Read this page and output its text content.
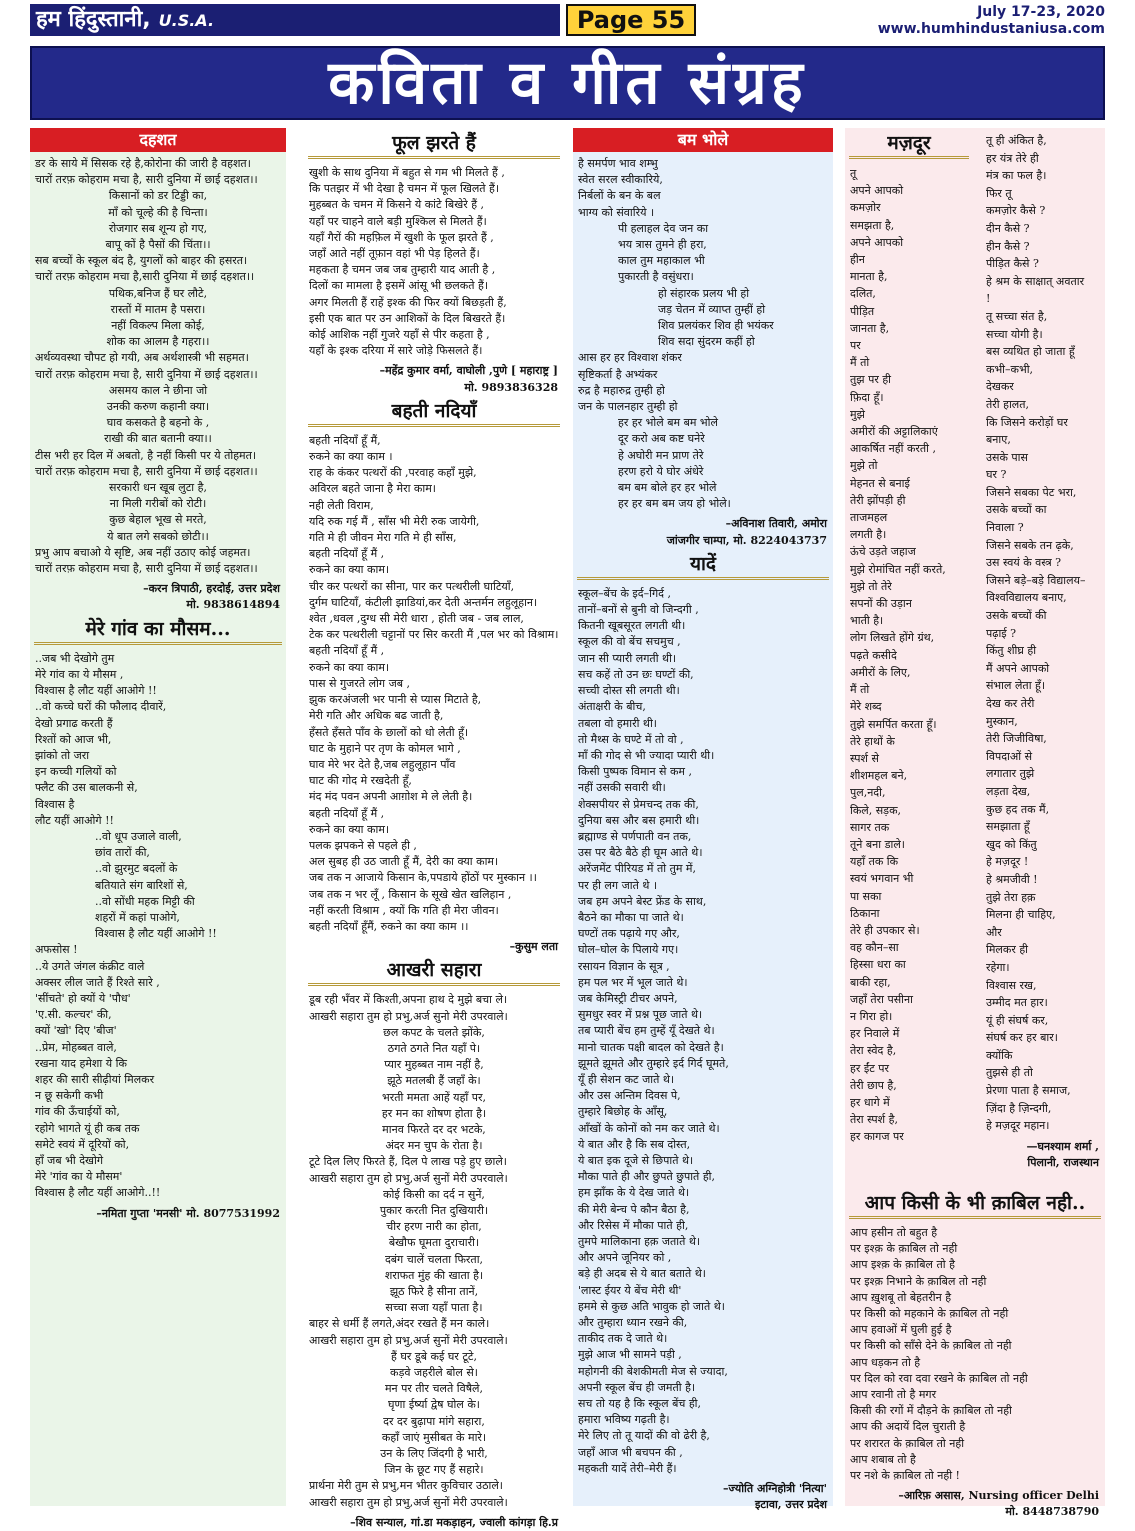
हम हिंदुस्तानी, U.S.A.	Page 55	July 17-23, 2020
www.humhindustaniusa.com
कविता व गीत संग्रह
दहशत
डर के साये में सिसक रहे है,कोरोना की जारी है वहशत।
चारों तरफ़ कोहराम मचा है, सारी दुनिया में छाई दहशत।।
किसानों को डर टिड्डी का,
माँ को चूल्हे की है चिन्ता।
रोजगार सब शून्य हो गए,
बापू कों है पैसों की चिंता।।
सब बच्चों के स्कूल बंद है, युगलों को बाहर की हसरत।
चारों तरफ़ कोहराम मचा है,सारी दुनिया में छाई दहशत।।
पथिक,बनिज हैं घर लौटे,
रास्तों में मातम है पसरा।
नहीं विकल्प मिला कोई,
शोक का आलम है गहरा।।
अर्थव्यवस्था चौपट हो गयी, अब अर्थशास्त्री भी सहमत।
चारों तरफ़ कोहराम मचा है, सारी दुनिया में छाई दहशत।।
असमय काल ने छीना जो
उनकी करुण कहानी क्या।
घाव कसकते है बहनो के ,
राखी की बात बतानी क्या।।
टीस भरी हर दिल में अबतो, है नहीं किसी पर ये तोहमत।
चारों तरफ़ कोहराम मचा है, सारी दुनिया में छाई दहशत।।
सरकारी धन खूब लुटा है,
ना मिली गरीबों को रोटी।
कुछ बेहाल भूख से मरते,
ये बात लगे सबको छोटी।।
प्रभु आप बचाओ ये सृष्टि, अब नहीं उठाए कोई जहमत।
चारों तरफ़ कोहराम मचा है, सारी दुनिया में छाई दहशत।।
–करन त्रिपाठी, हरदोई, उत्तर प्रदेश
मो. 9838614894
मेरे गांव का मौसम...
..जब भी देखोगे तुम
मेरे गांव का ये मौसम ,
विश्वास है लौट यहीं आओगे !!
..वो कच्चे घरों की फौलाद दीवारें,
देखो प्रगाढ करती हैं
रिश्तों को आज भी,
झांको तो जरा
इन कच्ची गलियों को
फ्लैट की उस बालकनी से,
विश्वास है
लौट यहीं आओगे !!
..वो धूप उजाले वाली,
छांव तारों की,
..वो झुरमुट बदलों के
बतियाते संग बारिशों से,
..वो सोंधी महक मिट्टी की
शहरों में कहां पाओगे,
विश्वास है लौट यहीं आओगे !!
अफसोस !
..ये उगते जंगल कंक्रीट वाले
अक्सर लील जाते हैं रिश्ते सारे ,
'सींचते' हो क्यों ये 'पौध'
'ए.सी. कल्चर' की,
क्यों 'खो' दिए 'बीज'
..प्रेम, मोहब्बत वाले,
रखना याद हमेशा ये कि
शहर की सारी सीढ़ीयां मिलकर
न छू सकेगी कभी
गांव की ऊँचाईयों को,
रहोगे भागते यूं ही कब तक
समेटे स्वयं में दूरियों को,
हाँ जब भी देखोगे
मेरे 'गांव का ये मौसम'
विश्वास है लौट यहीं आओगे..!!
–नमिता गुप्ता 'मनसी' मो. 8077531992
फूल झरते हैं
खुशी के साथ दुनिया में बहुत से गम भी मिलते हैं ,
कि पतझर में भी देखा है चमन में फूल खिलते हैं।
मुहब्बत के चमन में किसने ये कांटे बिखेरे हैं ,
यहाँ पर चाहने वाले बड़ी मुश्किल से मिलते हैं।
यहाँ गैरों की महफ़िल में खुशी के फूल झरते हैं ,
जहाँ आते नहीं तूफ़ान वहां भी पेड़ हिलते हैं।
महकता है चमन जब जब तुम्हारी याद आती है ,
दिलों का मामला है इसमें आंसू भी छलकते हैं।
अगर मिलती हैं राहें इश्क की फिर क्यों बिछड़ती हैं,
इसी एक बात पर उन आशिकों के दिल बिखरते हैं।
कोई आशिक नहीं गुजरे यहाँ से पीर कहता है ,
यहाँ के इश्क दरिया में सारे जोड़े फिसलते हैं।
–महेंद्र कुमार वर्मा, वाघोली ,पुणे [ महाराष्ट्र ]
मो. 9893836328
बहती नदियाँ
बहती नदियाँ हूँ मैं,
रुकने का क्या काम ।
राह के कंकर पत्थरों की ,परवाह कहाँ मुझे,
अविरल बहते जाना है मेरा काम।
नही लेती विराम,
यदि रुक गई मैं , साँस भी मेरी रुक जायेगी,
गति मे ही जीवन मेरा गति मे ही साँस,
बहती नदियाँ हूँ मैं ,
रुकने का क्या काम।
चीर कर पत्थरों का सीना, पार कर पत्थरीली घाटियाँ,
दुर्गम घाटियाँ, कंटीली झाडियां,कर देती अन्तर्मन लहुलूहान।
श्वेत ,धवल ,दुग्ध सी मेरी धारा , होती जब - जब लाल,
टेक कर पत्थरीली चट्टानों पर सिर करती मैं ,पल भर को विश्राम।
बहती नदियाँ हूँ मैं ,
रुकने का क्या काम।
पास से गुजरते लोग जब ,
झुक करअंजली भर पानी से प्यास मिटाते है,
मेरी गति और अधिक बढ जाती है,
हँसते हँसते पाँव के छालों को धो लेती हूँ।
घाट के मुहाने पर तृण के कोमल भागे ,
घाव मेरे भर देते है,जब लहुलूहान पाँव
घाट की गोद मे रखदेती हूँ,
मंद मंद पवन अपनी आग़ोश मे ले लेती है।
बहती नदियाँ हूँ मैं ,
रुकने का क्या काम।
पलक झपकने से पहले ही ,
अल सुबह ही उठ जाती हूँ मैं, देरी का क्या काम।
जब तक न आजाये किसान के,पपडाये होंठों पर मुस्कान ।।
जब तक न भर लूँ , किसान के सूखे खेत खलिहान ,
नहीं करती विश्राम , क्यों कि गति ही मेरा जीवन।
बहती नदियाँ हूँमैं, रुकने का क्या काम ।।
–कुसुम लता
आखरी सहारा
डूब रही भँवर में किश्ती,अपना हाथ दे मुझे बचा ले।
आखरी सहारा तुम हो प्रभु,अर्ज सुनो मेरी उपरवाले।
छल कपट के चलते झोंके,
ठगते ठगते नित यहाँ पे।
प्यार मुहब्बत नाम नहीं है,
झूठे मतलबी हैं जहाँ के।
भरती ममता आहें यहाँ पर,
हर मन का शोषण होता है।
मानव फिरते दर दर भटके,
अंदर मन चुप के रोता है।
टूटे दिल लिए फिरते हैं, दिल पे लाख पड़े हुए छाले।
आखरी सहारा तुम हो प्रभु,अर्ज सुनों मेरी उपरवाले।
कोई किसी का दर्द न सुनें,
पुकार करती नित दुखियारी।
चीर हरण नारी का होता,
बेखौफ घूमता दुराचारी।
दबंग चालें चलता फिरता,
शराफत मुंह की खाता है।
झूठ फिरे है सीना तानें,
सच्चा सजा यहाँ पाता है।
बाहर से धर्मी हैं लगते,अंदर रखते हैं मन काले।
आखरी सहारा तुम हो प्रभु,अर्ज सुनों मेरी उपरवाले।
हैं घर डूबे कई घर टूटे,
कड़वे जहरीले बोल से।
मन पर तीर चलते विषैले,
घृणा ईर्ष्या द्वेष घोल के।
दर दर बुढ़ापा मांगे सहारा,
कहाँ जाएं मुसीबत के मारे।
उन के लिए जिंदगी है भारी,
जिन के छूट गए हैं सहारे।
प्रार्थना मेरी तुम से प्रभु,मन भीतर कुविचार उठाले।
आखरी सहारा तुम हो प्रभु,अर्ज सुनों मेरी उपरवाले।
–शिव सन्याल, गां.डा मकड़ाहन, ज्वाली कांगड़ा हि.प्र
बम भोले
है समर्पण भाव शम्भु
स्वेत सरल स्वीकारिये,
निर्बलों के बन के बल
भाग्य को संवारिये ।
पी हलाहल देव जन का
भय त्रास तुमने ही हरा,
काल तुम महाकाल भी
पुकारती है वसुंधरा।
हो संहारक प्रलय भी हो
जड़ चेतन में व्याप्त तुम्हीं हो
शिव प्रलयंकर शिव ही भयंकर
शिव सदा सुंदरम कहीं हो
आस हर हर विश्वाश शंकर
सृष्टिकर्ता है अभ्यंकर
रुद्र है महारुद्र तुम्ही हो
जन के पालनहार तुम्ही हो
हर हर भोले बम बम भोले
दूर करो अब कष्ट घनेरे
हे अघोरी मन प्राण तेरे
हरण हरो ये घोर अंधेरे
बम बम बोले हर हर भोले
हर हर बम बम जय हो भोले।
–अविनाश तिवारी, अमोरा
जांजगीर चाम्पा, मो. 8224043737
यादें
स्कूल–बेंच के इर्द–गिर्द ,
तानों–बनों से बुनी वो जिन्दगी ,
कितनी खूबसूरत लगती थी।
स्कूल की वो बेंच सचमुच ,
जान सी प्यारी लगती थी।
सच कहें तो उन छः घण्टों की,
सच्ची दोस्त सी लगती थी।
अंताक्षरी के बीच,
तबला वो हमारी थी।
तो मैथ्स के घण्टे में तो वो ,
माँ की गोद से भी ज्यादा प्यारी थी।
किसी पुष्पक विमान से कम ,
नहीं उसकी सवारी थी।
शेक्सपीयर से प्रेमचन्द तक की,
दुनिया बस और बस हमारी थी।
ब्रह्माण्ड से पर्णपाती वन तक,
उस पर बैठे बैठे ही घूम आते थे।
अरेंजमेंट पीरियड में तो तुम में,
पर ही लग जाते थे ।
जब हम अपने बेस्ट फ्रेंड के साथ,
बैठने का मौका पा जाते थे।
घण्टों तक पढ़ाये गए और,
घोल–घोल के पिलाये गए।
रसायन विज्ञान के सूत्र ,
हम पल भर में भूल जाते थे।
जब केमिस्ट्री टीचर अपने,
सुमधुर स्वर में प्रश्न पूछ जाते थे।
तब प्यारी बेंच हम तुम्हें यूँ देखते थे।
मानो चातक पक्षी बादल को देखते है।
झूमते झूमते और तुम्हारे इर्द गिर्द घूमते,
यूँ ही सेशन कट जाते थे।
और उस अन्तिम दिवस पे,
तुम्हारे बिछोह के आँसू,
आँखों के कोनों को नम कर जाते थे।
ये बात और है कि सब दोस्त,
ये बात इक दूजे से छिपाते थे।
मौका पाते ही और छुपते छुपाते ही,
हम झाँक के ये देख जाते थे।
की मेरी बेन्च पे कौन बैठा है,
और रिसेस में मौका पाते ही,
तुमपे मालिकाना हक़ जताते थे।
और अपने जूनियर को ,
बड़े ही अदब से ये बात बताते थे।
'लास्ट ईयर ये बेंच मेरी थी'
हममे से कुछ अति भावुक हो जाते थे।
और तुम्हारा ध्यान रखने की,
ताकीद तक दे जाते थे।
मुझे आज भी सामने पड़ी ,
महोगनी की बेशकीमती मेज से ज्यादा,
अपनी स्कूल बेंच ही जमती है।
सच तो यह है कि स्कूल बेंच ही,
हमारा भविष्य गढ़ती है।
मेरे लिए तो तू यादों की वो ढेरी है,
जहाँ आज भी बचपन की ,
महकती यादें तेरी–मेरी हैं।
–ज्योति अग्निहोत्री 'नित्या'
इटावा, उत्तर प्रदेश
मज़दूर
तू
अपने आपको
कमज़ोर
समझता है,
अपने आपको
हीन
मानता है,
दलित,
पीड़ित
जानता है,
पर
मैं तो
तुझ पर ही
फ़िदा हूँ।
मुझे
अमीरों की अट्टालिकाएं
आकर्षित नहीं करती ,
मुझे तो
मेहनत से बनाई
तेरी झोंपड़ी ही
ताजमहल
लगती है।
ऊंचे उड़ते जहाज
मुझे रोमांचित नहीं करते,
मुझे तो तेरे
सपनों की उड़ान
भाती है।
लोग लिखते होंगे ग्रंथ,
पढ़ते कसीदे
अमीरों के लिए,
मैं तो
मेरे शब्द
तुझे समर्पित करता हूँ।
तेरे हाथों के
स्पर्श से
शीशमहल बने,
पुल,नदी,
किले, सड़क,
सागर तक
तूने बना डाले।
यहाँ तक कि
स्वयं भगवान भी
पा सका
ठिकाना
तेरे ही उपकार से।
वह कौन–सा
हिस्सा धरा का
बाकी रहा,
जहाँ तेरा पसीना
न गिरा हो।
हर निवाले में
तेरा स्वेद है,
हर ईंट पर
तेरी छाप है,
हर धागे में
तेरा स्पर्श है,
हर कागज पर
तू ही अंकित है,
हर यंत्र तेरे ही
मंत्र का फल है।
फिर तू
कमज़ोर कैसे ?
दीन कैसे ?
हीन कैसे ?
पीड़ित कैसे ?
हे श्रम के साक्षात् अवतार
!
तू सच्चा संत है,
सच्चा योगी है।
बस व्यथित हो जाता हूँ
कभी–कभी,
देखकर
तेरी हालत,
कि जिसने करोड़ों घर
बनाए,
उसके पास
घर ?
जिसने सबका पेट भरा,
उसके बच्चों का
निवाला ?
जिसने सबके तन ढ़के,
उस स्वयं के वस्त्र ?
जिसने बड़े–बड़े विद्यालय–
विश्वविद्यालय बनाए,
उसके बच्चों की
पढ़ाई ?
किंतु शीघ्र ही
मैं अपने आपको
संभाल लेता हूँ।
देख कर तेरी
मुस्कान,
तेरी जिजीविषा,
विपदाओं से
लगातार तुझे
लड़ता देख,
कुछ हद तक मैं,
समझाता हूँ
खुद को किंतु
हे मज़दूर !
हे श्रमजीवी !
तुझे तेरा हक़
मिलना ही चाहिए,
और
मिलकर ही
रहेगा।
विश्वास रख,
उम्मीद मत हार।
यूं ही संघर्ष कर,
संघर्ष कर हर बार।
क्योंकि
तुझसे ही तो
प्रेरणा पाता है समाज,
ज़िंदा है ज़िन्दगी,
हे मज़दूर महान।
—घनश्याम शर्मा ,
पिलानी, राजस्थान
आप किसी के भी क़ाबिल नही..
आप हसीन तो बहुत है
पर इश्क़ के क़ाबिल तो नही
आप इश्क़ के क़ाबिल तो है
पर इश्क़ निभाने के क़ाबिल तो नही
आप ख़ुशबू तो बेहतरीन है
पर किसी को महकाने के क़ाबिल तो नही
आप हवाओं में घुली हुई है
पर किसी को साँसे देने के क़ाबिल तो नही
आप धड़कन तो है
पर दिल को रवा दवा रखने के क़ाबिल तो नही
आप रवानी तो है मगर
किसी की रगों में दौड़ने के क़ाबिल तो नही
आप की अदायें दिल चुराती है
पर शरारत के क़ाबिल तो नही
आप शबाब तो है
पर नशे के क़ाबिल तो नही !
–आरिफ़ असास, Nursing officer Delhi
मो. 8448738790
